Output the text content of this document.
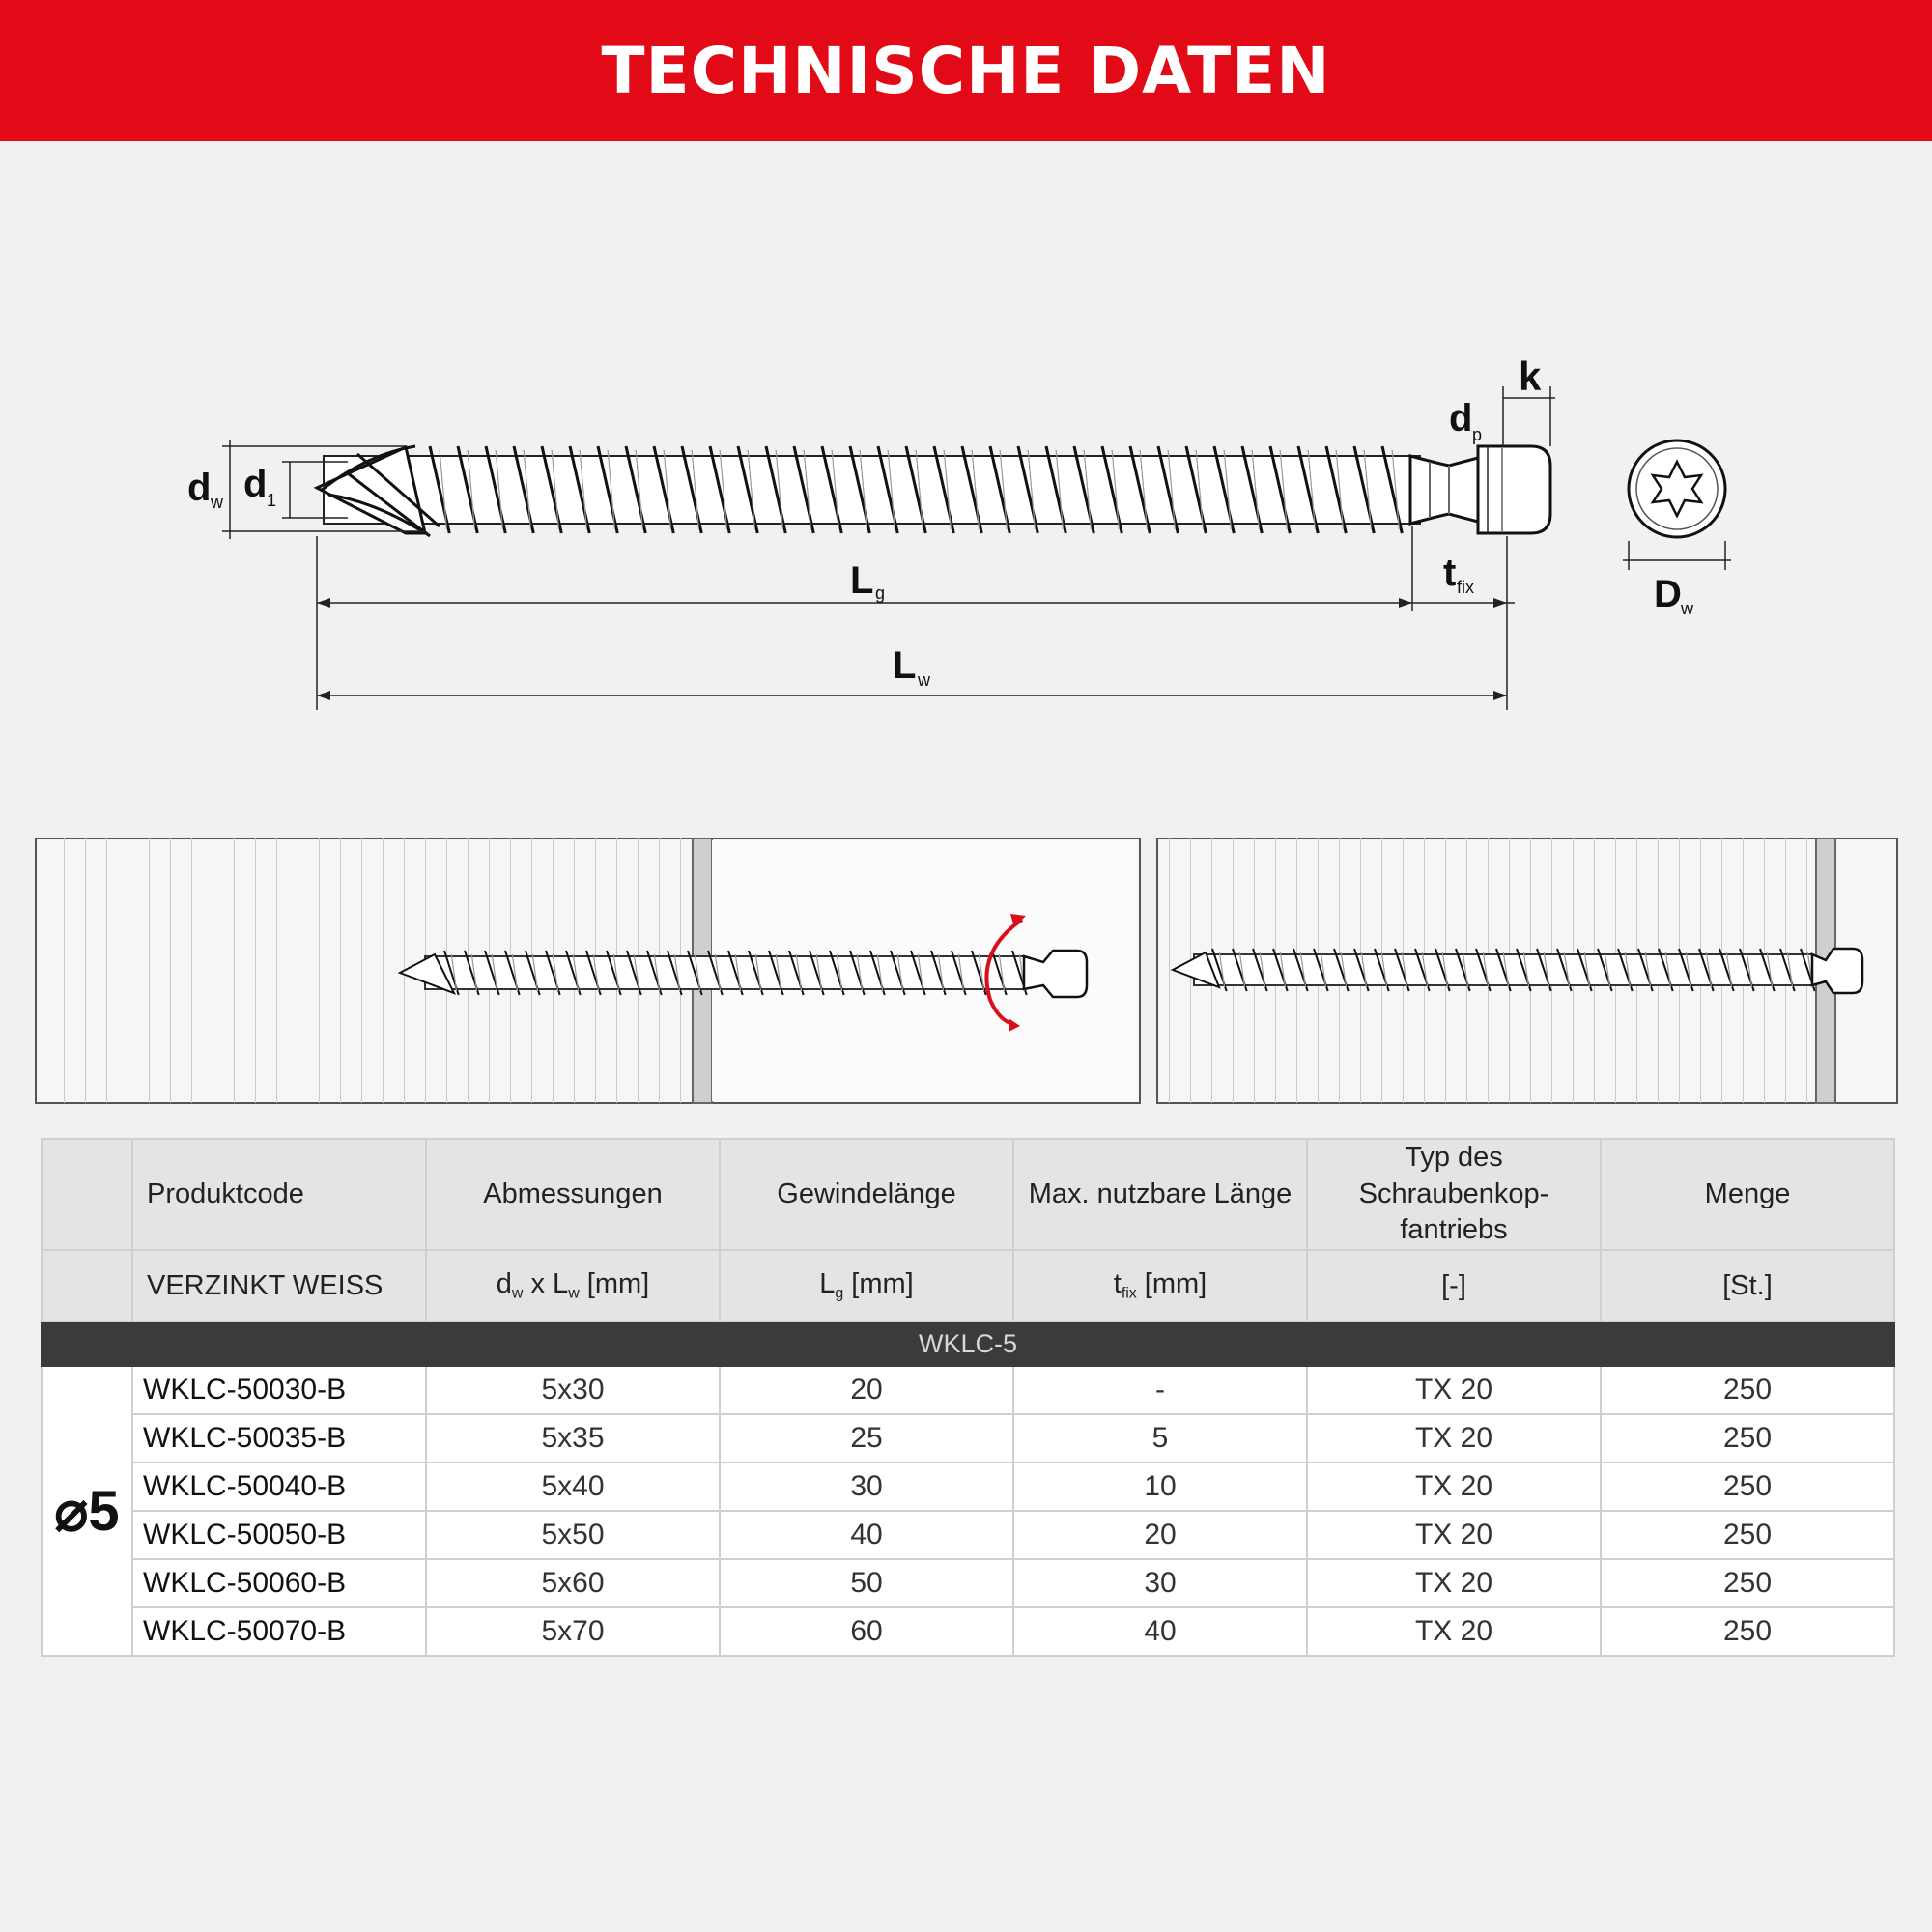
TECHNISCHE DATEN
d w d 1
d p
k
L g	t fix
L w
D w
	Produktcode	Abmessungen	Gewindelänge	Max. nutzbare Länge	Typ des Schraubenkop-fantriebs	Menge
	VERZINKT WEISS	$d_w$ x $L_w$ [mm]	$L_g$ [mm]	$t_{fix}$ [mm]	[-]	[St.]
WKLC-5						
⌀5	WKLC-50030-B	5x30	20	-	TX 20	250
	WKLC-50035-B	5x35	25	5	TX 20	250
	WKLC-50040-B	5x40	30	10	TX 20	250
	WKLC-50050-B	5x50	40	20	TX 20	250
	WKLC-50060-B	5x60	50	30	TX 20	250
	WKLC-50070-B	5x70	60	40	TX 20	250
